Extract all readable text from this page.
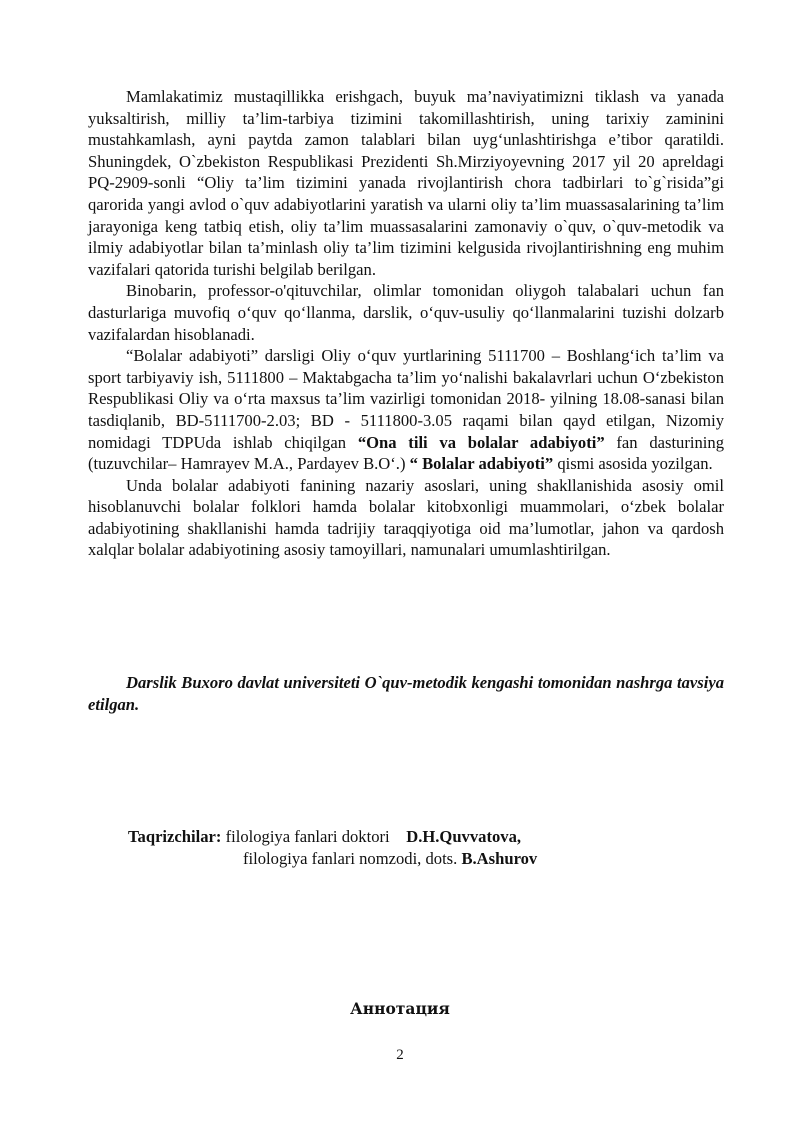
Mamlakatimiz mustaqillikka erishgach, buyuk ma’naviyatimizni tiklash va yanada yuksaltirish, milliy ta’lim-tarbiya tizimini takomillashtirish, uning tarixiy zaminini mustahkamlash, ayni paytda zamon talablari bilan uyg‘unlashtirishga e’tibor qaratildi. Shuningdek, O`zbekiston Respublikasi Prezidenti Sh.Mirziyoyevning 2017 yil 20 apreldagi PQ-2909-sonli “Oliy ta’lim tizimini yanada rivojlantirish chora tadbirlari to`g`risida”gi qarorida yangi avlod o`quv adabiyotlarini yaratish va ularni oliy ta’lim muassasalarining ta’lim jarayoniga keng tatbiq etish, oliy ta’lim muassasalarini zamonaviy o`quv, o`quv-metodik va ilmiy adabiyotlar bilan ta’minlash oliy ta’lim tizimini kelgusida rivojlantirishning eng muhim vazifalari qatorida turishi belgilab berilgan.

Binobarin, professor-o'qituvchilar, olimlar tomonidan oliygoh talabalari uchun fan dasturlariga muvofiq o‘quv qo‘llanma, darslik, o‘quv-usuliy qo‘llanmalarini tuzishi dolzarb vazifalardan hisoblanadi.

“Bolalar adabiyoti” darsligi Oliy o‘quv yurtlarining 5111700 – Boshlang‘ich ta’lim va sport tarbiyaviy ish, 5111800 – Maktabgacha ta’lim yo‘nalishi bakalavrlari uchun O‘zbekiston Respublikasi Oliy va o‘rta maxsus ta’lim vazirligi tomonidan 2018- yilning 18.08-sanasi bilan tasdiqlanib, BD-5111700-2.03; BD - 5111800-3.05 raqami bilan qayd etilgan, Nizomiy nomidagi TDPUda ishlab chiqilgan “Ona tili va bolalar adabiyoti” fan dasturining (tuzuvchilar– Hamrayev M.A., Pardayev B.O‘.) “ Bolalar adabiyoti” qismi asosida yozilgan.

Unda bolalar adabiyoti fanining nazariy asoslari, uning shakllanishida asosiy omil hisoblanuvchi bolalar folklori hamda bolalar kitobxonligi muammolari, o‘zbek bolalar adabiyotining shakllanishi hamda tadrijiy taraqqiyotiga oid ma’lumotlar, jahon va qardosh xalqlar bolalar adabiyotining asosiy tamoyillari, namunalari umumlashtirilgan.

Darslik Buxoro davlat universiteti O`quv-metodik kengashi tomonidan nashrga tavsiya etilgan.

Taqrizchilar: filologiya fanlari doktori D.H.Quvvatova,
filologiya fanlari nomzodi, dots. B.Ashurov

Аннотация

2
